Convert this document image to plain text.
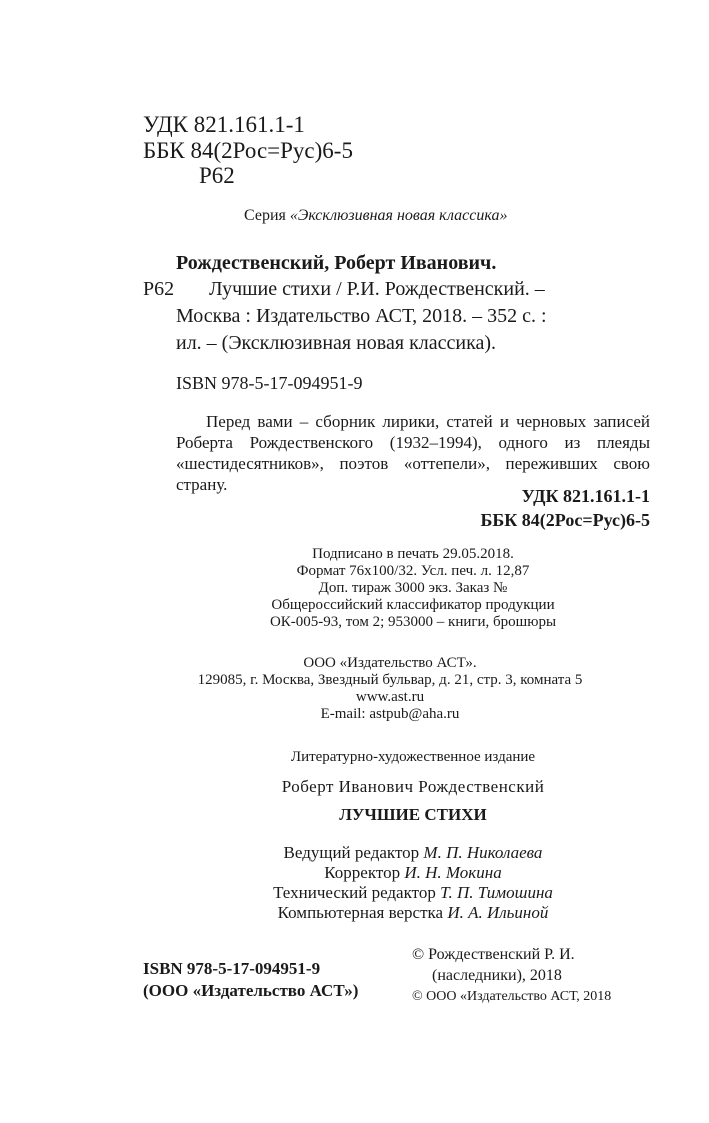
УДК 821.161.1-1
ББК 84(2Рос=Рус)6-5
Р62
Серия «Эксклюзивная новая классика»
Рождественский, Роберт Иванович.
Р62 Лучшие стихи / Р.И. Рождественский. –
Москва : Издательство АСТ, 2018. – 352 с. :
ил. – (Эксклюзивная новая классика).
ISBN 978-5-17-094951-9

Перед вами – сборник лирики, статей и черновых записей Роберта Рождественского (1932–1994), одного из плеяды «шестидесятников», поэтов «оттепели», переживших свою страну.

УДК 821.161.1-1
ББК 84(2Рос=Рус)6-5
Подписано в печать 29.05.2018.
Формат 76x100/32. Усл. печ. л. 12,87
Доп. тираж 3000 экз. Заказ №
Общероссийский классификатор продукции
ОК-005-93, том 2; 953000 – книги, брошюры
ООО «Издательство АСТ».
129085, г. Москва, Звездный бульвар, д. 21, стр. 3, комната 5
www.ast.ru
E-mail: astpub@aha.ru
Литературно-художественное издание
Роберт Иванович Рождественский
ЛУЧШИЕ СТИХИ
Ведущий редактор М. П. Николаева
Корректор И. Н. Мокина
Технический редактор Т. П. Тимошина
Компьютерная верстка И. А. Ильиной
ISBN 978-5-17-094951-9
(ООО «Издательство АСТ»)
© Рождественский Р. И.
(наследники), 2018
© ООО «Издательство АСТ, 2018
